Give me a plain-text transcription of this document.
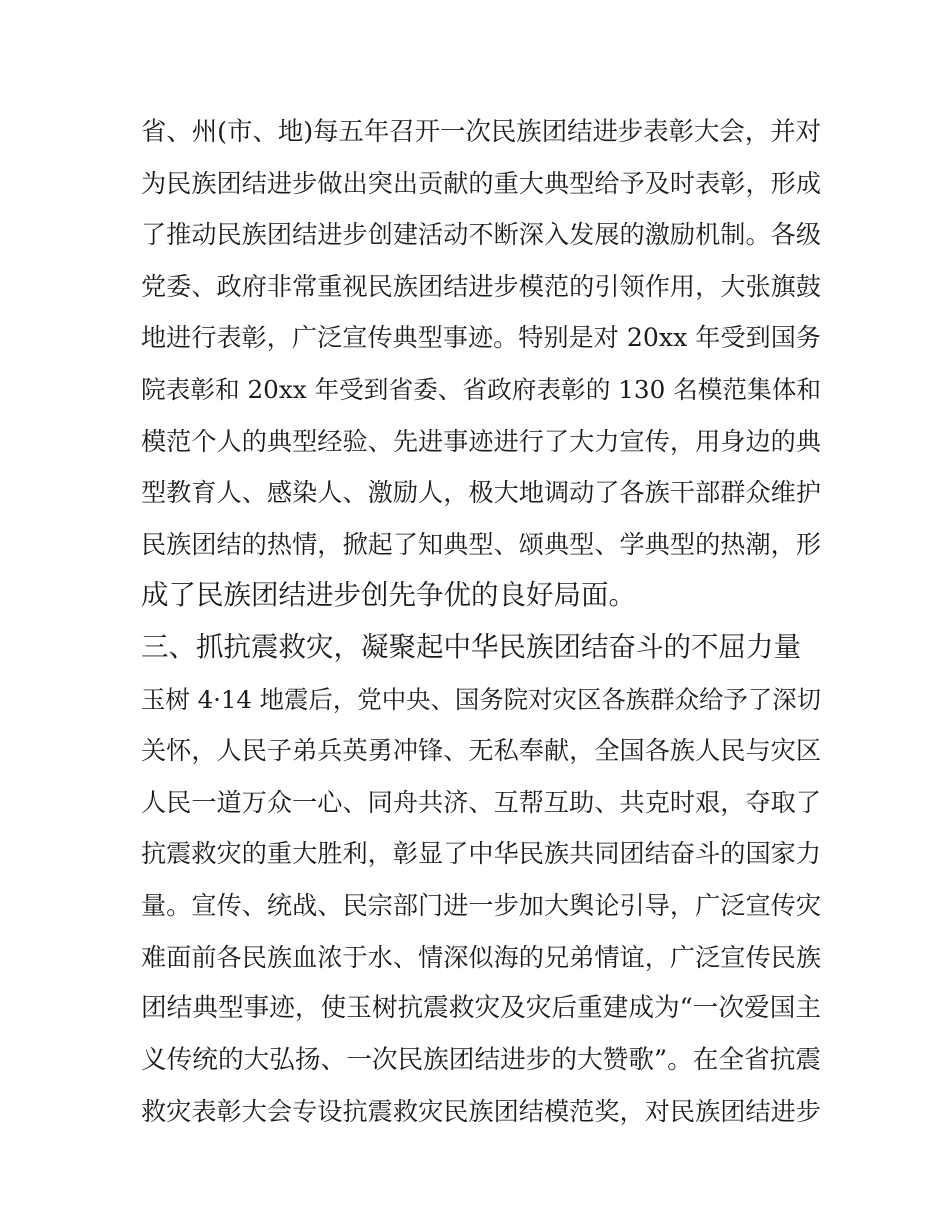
省、州(市、地)每五年召开一次民族团结进步表彰大会，并对
为民族团结进步做出突出贡献的重大典型给予及时表彰，形成
了推动民族团结进步创建活动不断深入发展的激励机制。各级
党委、政府非常重视民族团结进步模范的引领作用，大张旗鼓
地进行表彰，广泛宣传典型事迹。特别是对 20xx 年受到国务
院表彰和 20xx 年受到省委、省政府表彰的 130 名模范集体和
模范个人的典型经验、先进事迹进行了大力宣传，用身边的典
型教育人、感染人、激励人，极大地调动了各族干部群众维护
民族团结的热情，掀起了知典型、颂典型、学典型的热潮，形
成了民族团结进步创先争优的良好局面。
三、抓抗震救灾，凝聚起中华民族团结奋斗的不屈力量
玉树 4·14 地震后，党中央、国务院对灾区各族群众给予了深切
关怀，人民子弟兵英勇冲锋、无私奉献，全国各族人民与灾区
人民一道万众一心、同舟共济、互帮互助、共克时艰，夺取了
抗震救灾的重大胜利，彰显了中华民族共同团结奋斗的国家力
量。宣传、统战、民宗部门进一步加大舆论引导，广泛宣传灾
难面前各民族血浓于水、情深似海的兄弟情谊，广泛宣传民族
团结典型事迹，使玉树抗震救灾及灾后重建成为“一次爱国主
义传统的大弘扬、一次民族团结进步的大赞歌”。在全省抗震
救灾表彰大会专设抗震救灾民族团结模范奖，对民族团结进步
